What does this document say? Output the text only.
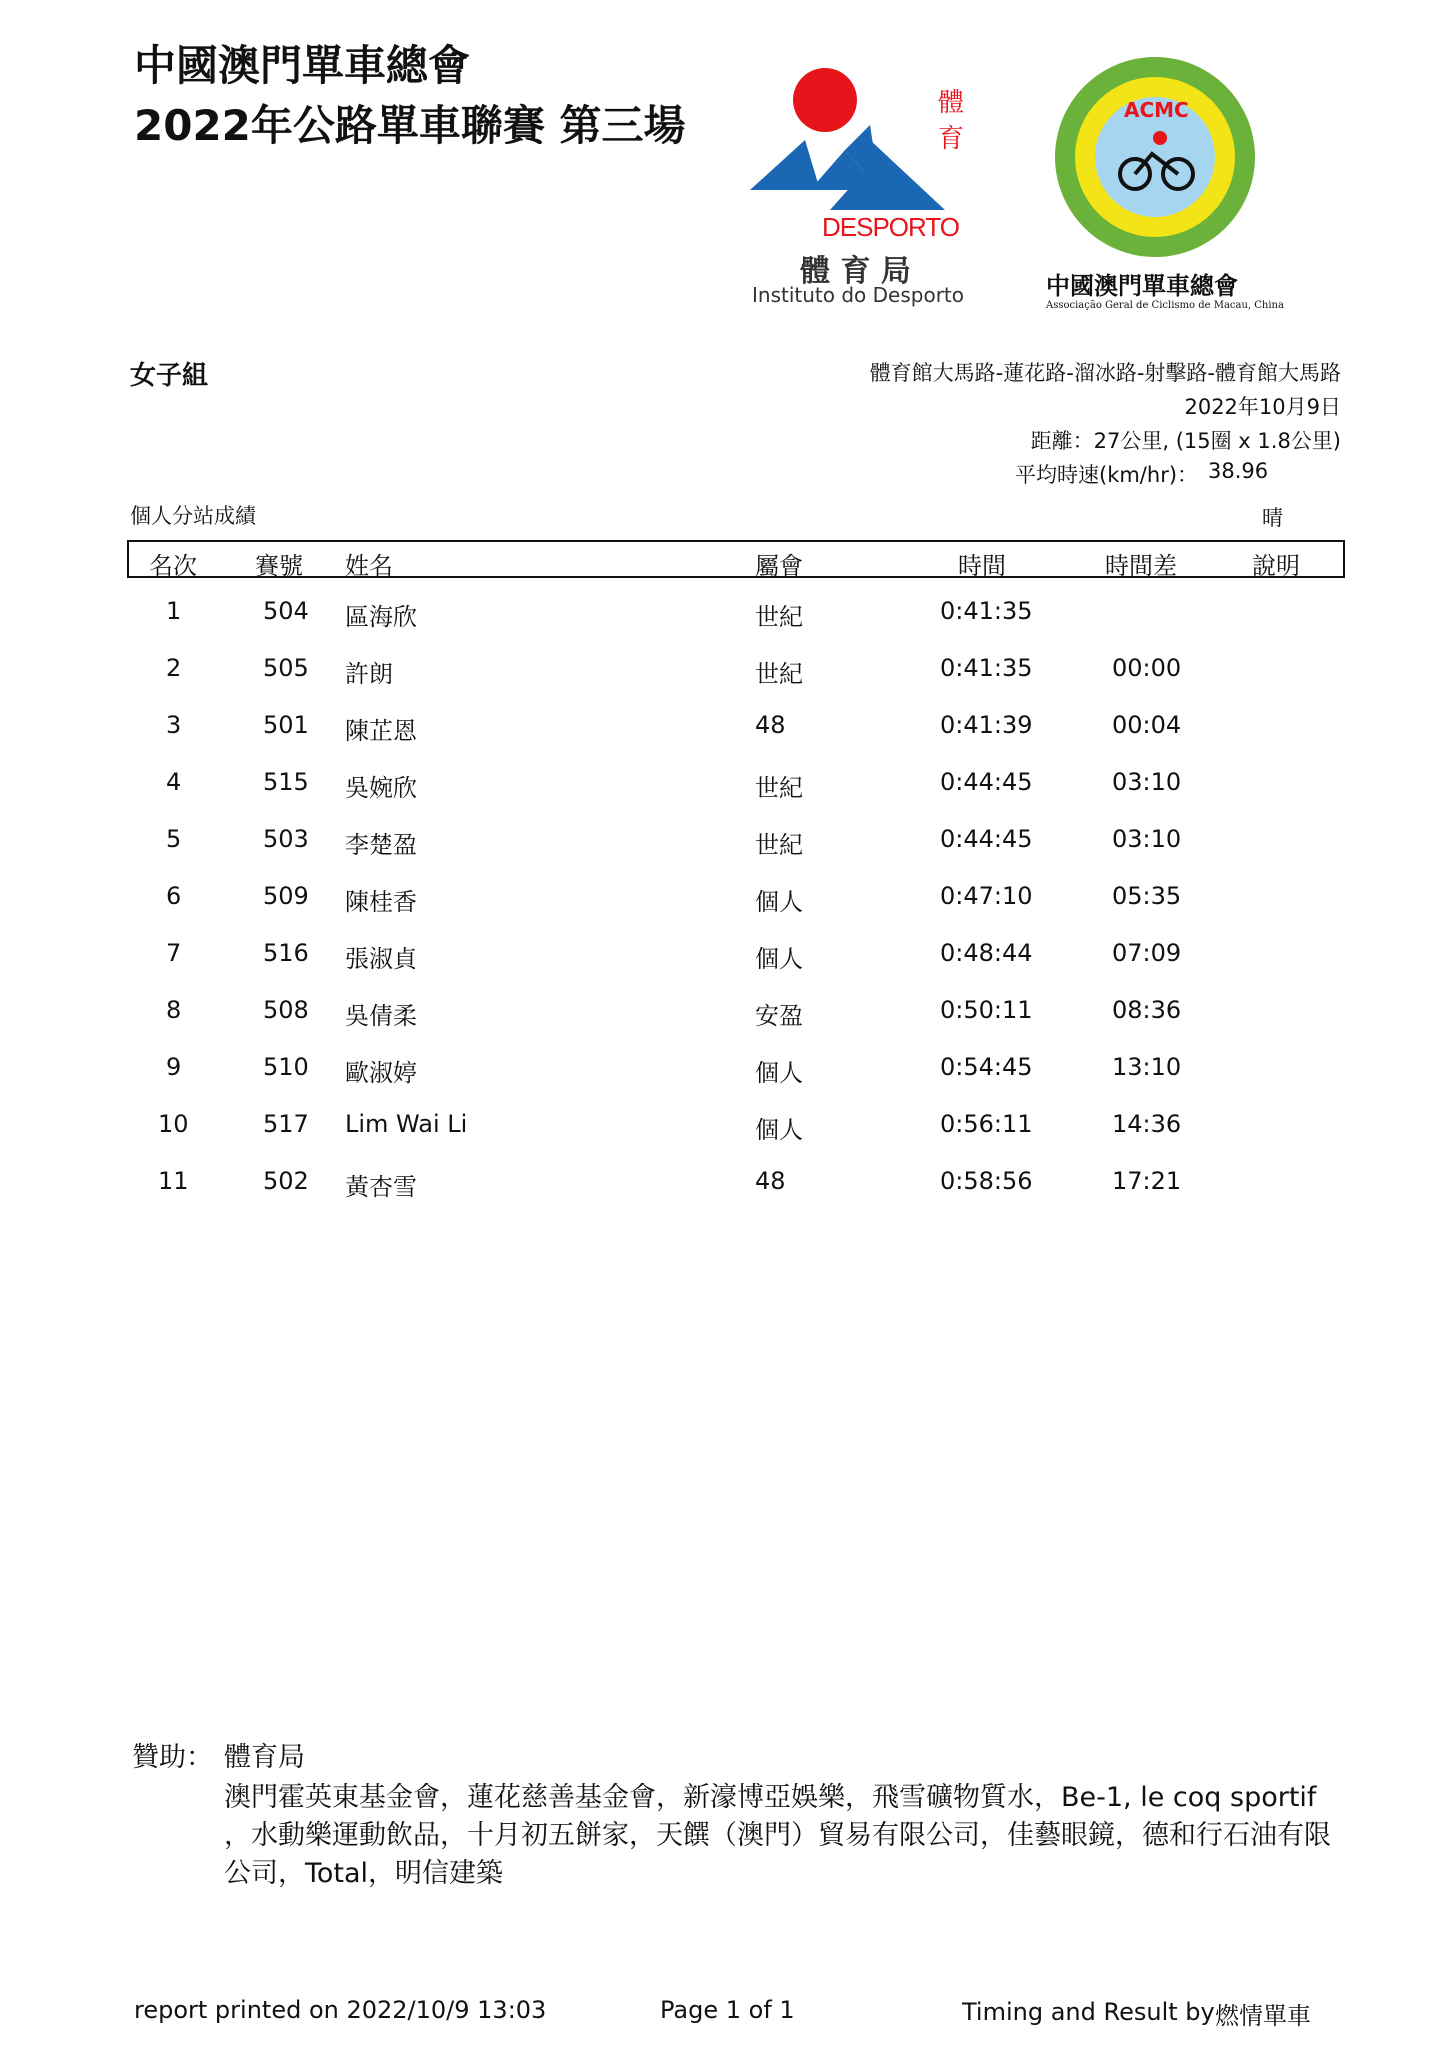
中國澳門單車總會
2022年公路單車聯賽 第三場	體
育
DESPORTO
體 育 局
Instituto do Desporto
ACMC
中國澳門單車總會
Associação Geral de Ciclismo de Macau, China
女子組	體育館大馬路-蓮花路-溜冰路-射擊路-體育館大馬路
2022年10月9日
距離：27公里, (15圈 x 1.8公里)
平均時速(km/hr)： 38.96
晴
個人分站成績
名次 賽號 姓名	屬會	時間	時間差	說明
1	504 區海欣	世紀	0:41:35
2	505 許朗	世紀	0:41:35	00:00
3	501 陳芷恩	48	0:41:39	00:04
4	515 吳婉欣	世紀	0:44:45	03:10
5	503 李楚盈	世紀	0:44:45	03:10
6	509 陳桂香	個人	0:47:10	05:35
7	516 張淑貞	個人	0:48:44	07:09
8	508 吳倩柔	安盈	0:50:11	08:36
9	510 歐淑婷	個人	0:54:45	13:10
10	517 Lim Wai Li	個人	0:56:11	14:36
11	502 黃杏雪	48	0:58:56	17:21
贊助： 體育局
澳門霍英東基金會，蓮花慈善基金會，新濠博亞娛樂，飛雪礦物質水，Be-1, le coq sportif
，水動樂運動飲品，十月初五餅家，天饌（澳門）貿易有限公司，佳藝眼鏡，德和行石油有限
公司，Total，明信建築
report printed on 2022/10/9 13:03	Page 1 of 1	Timing and Result by 燃情單車
